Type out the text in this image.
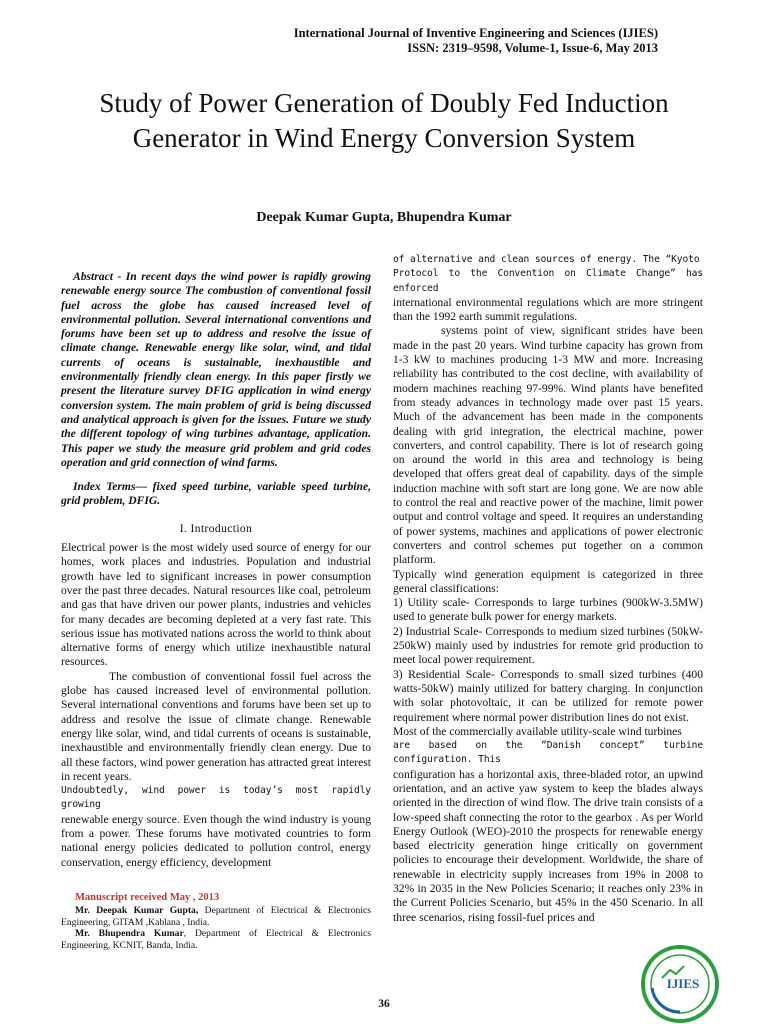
International Journal of Inventive Engineering and Sciences (IJIES)
ISSN: 2319–9598, Volume-1, Issue-6, May 2013
Study of Power Generation of Doubly Fed Induction Generator in Wind Energy Conversion System
Deepak Kumar Gupta, Bhupendra Kumar

Abstract - In recent days the wind power is rapidly growing renewable energy source The combustion of conventional fossil fuel across the globe has caused increased level of environmental pollution. Several international conventions and forums have been set up to address and resolve the issue of climate change. Renewable energy like solar, wind, and tidal currents of oceans is sustainable, inexhaustible and environmentally friendly clean energy. In this paper firstly we present the literature survey DFIG application in wind energy conversion system. The main problem of grid is being discussed and analytical approach is given for the issues. Future we study the different topology of wing turbines advantage, application. This paper we study the measure grid problem and grid codes operation and grid connection of wind farms.

Index Terms— fixed speed turbine, variable speed turbine, grid problem, DFIG.

I. Introduction

Electrical power is the most widely used source of energy for our homes, work places and industries. Population and industrial growth have led to significant increases in power consumption over the past three decades. Natural resources like coal, petroleum and gas that have driven our power plants, industries and vehicles for many decades are becoming depleted at a very fast rate. This serious issue has motivated nations across the world to think about alternative forms of energy which utilize inexhaustible natural resources.

The combustion of conventional fossil fuel across the globe has caused increased level of environmental pollution. Several international conventions and forums have been set up to address and resolve the issue of climate change. Renewable energy like solar, wind, and tidal currents of oceans is sustainable, inexhaustible and environmentally friendly clean energy. Due to all these factors, wind power generation has attracted great interest in recent years.

Undoubtedly, wind power is today’s most rapidly growing

renewable energy source. Even though the wind industry is young from a power. These forums have motivated countries to form national energy policies dedicated to pollution control, energy conservation, energy efficiency, development

of alternative and clean sources of energy. The “Kyoto

Protocol to the Convention on Climate Change” has enforced

international environmental regulations which are more stringent than the 1992 earth summit regulations.

systems point of view, significant strides have been made in the past 20 years. Wind turbine capacity has grown from 1-3 kW to machines producing 1-3 MW and more. Increasing reliability has contributed to the cost decline, with availability of modern machines reaching 97-99%. Wind plants have benefited from steady advances in technology made over past 15 years. Much of the advancement has been made in the components dealing with grid integration, the electrical machine, power converters, and control capability. There is lot of research going on around the world in this area and technology is being developed that offers great deal of capability. days of the simple induction machine with soft start are long gone. We are now able to control the real and reactive power of the machine, limit power output and control voltage and speed. It requires an understanding of power systems, machines and applications of power electronic converters and control schemes put together on a common platform.

Typically wind generation equipment is categorized in three general classifications:

1) Utility scale- Corresponds to large turbines (900kW-3.5MW) used to generate bulk power for energy markets.

2) Industrial Scale- Corresponds to medium sized turbines (50kW-250kW) mainly used by industries for remote grid production to meet local power requirement.

3) Residential Scale- Corresponds to small sized turbines (400 watts-50kW) mainly utilized for battery charging. In conjunction with solar photovoltaic, it can be utilized for remote power requirement where normal power distribution lines do not exist.

Most of the commercially available utility-scale wind turbines

are based on the “Danish concept” turbine configuration. This

configuration has a horizontal axis, three-bladed rotor, an upwind orientation, and an active yaw system to keep the blades always oriented in the direction of wind flow. The drive train consists of a low-speed shaft connecting the rotor to the gearbox . As per World Energy Outlook (WEO)-2010 the prospects for renewable energy based electricity generation hinge critically on government policies to encourage their development. Worldwide, the share of renewable in electricity supply increases from 19% in 2008 to 32% in 2035 in the New Policies Scenario; it reaches only 23% in the Current Policies Scenario, but 45% in the 450 Scenario. In all three scenarios, rising fossil-fuel prices and

Manuscript received May , 2013

Mr. Deepak Kumar Gupta, Department of Electrical & Electronics Engineering, GITAM ,Kablana , India.

Mr. Bhupendra Kumar, Department of Electrical & Electronics Engineering, KCNIT, Banda, India.

36
IJIES
